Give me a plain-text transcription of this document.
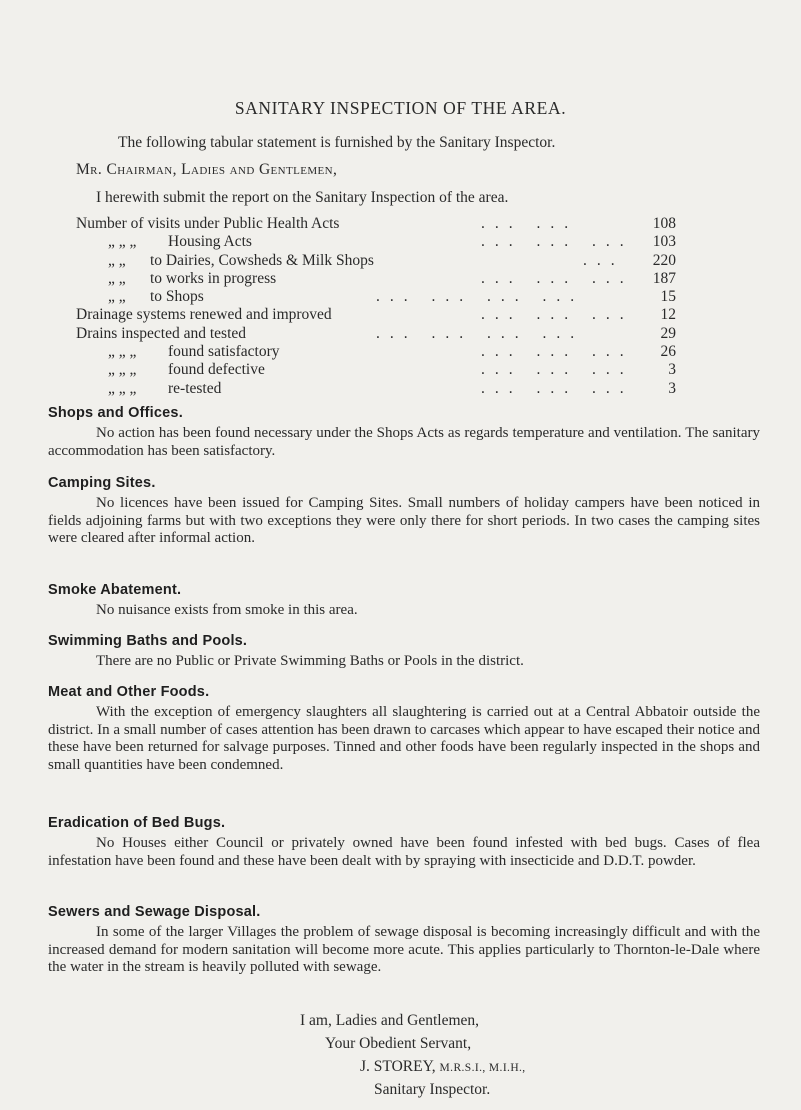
SANITARY INSPECTION OF THE AREA.
The following tabular statement is furnished by the Sanitary Inspector.
Mr. Chairman, Ladies and Gentlemen,
I herewith submit the report on the Sanitary Inspection of the area.
Number of visits under Public Health Acts	... ...	108
„ „ „ Housing Acts	... ... ... 103
„ „ to Dairies, Cowsheds & Milk Shops	... 220
„ „ to works in progress	... ... ... 187
„ „ to Shops	... ... ... ...	15
Drainage systems renewed and improved	... ... ... 12
Drains inspected and tested	... ... ... ...	29
„ „ „ found satisfactory	... ... ... 26
„ „ „ found defective	... ... ... 3
„ „ „ re-tested	... ... ... 3
Shops and Offices.
No action has been found necessary under the Shops Acts as regards temperature and ventilation. The sanitary accommodation has been satisfactory.
Camping Sites.
No licences have been issued for Camping Sites. Small numbers of holiday campers have been noticed in fields adjoining farms but with two exceptions they were only there for short periods. In two cases the camping sites were cleared after informal action.
Smoke Abatement.
No nuisance exists from smoke in this area.
Swimming Baths and Pools.
There are no Public or Private Swimming Baths or Pools in the district.
Meat and Other Foods.
With the exception of emergency slaughters all slaughtering is carried out at a Central Abbatoir outside the district. In a small number of cases attention has been drawn to carcases which appear to have escaped their notice and these have been returned for salvage purposes. Tinned and other foods have been regularly inspected in the shops and small quantities have been condemned.
Eradication of Bed Bugs.
No Houses either Council or privately owned have been found infested with bed bugs. Cases of flea infestation have been found and these have been dealt with by spraying with insecticide and D.D.T. powder.
Sewers and Sewage Disposal.
In some of the larger Villages the problem of sewage disposal is becoming increasingly difficult and with the increased demand for modern sanitation will become more acute. This applies particularly to Thornton-le-Dale where the water in the stream is heavily polluted with sewage.
I am, Ladies and Gentlemen,
Your Obedient Servant,
J. STOREY, M.R.S.I., M.I.H.,
Sanitary Inspector.
